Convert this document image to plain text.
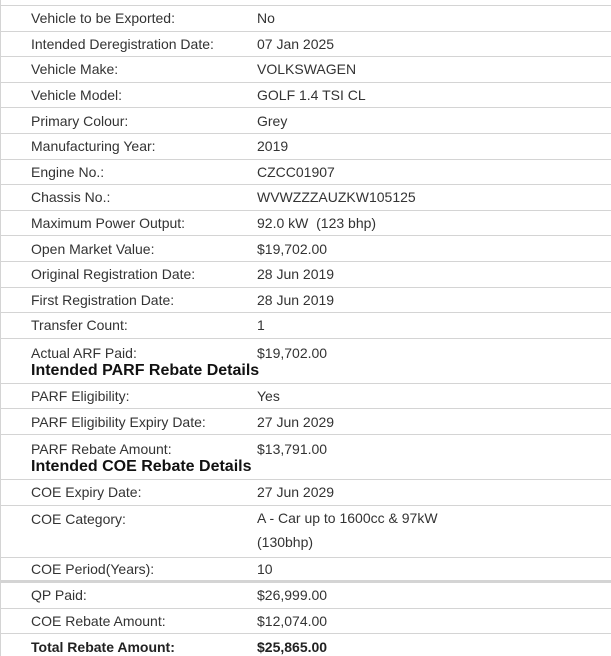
Vehicle to be Exported:	No
Intended Deregistration Date:	07 Jan 2025
Vehicle Make:	VOLKSWAGEN
Vehicle Model:	GOLF 1.4 TSI CL
Primary Colour:	Grey
Manufacturing Year:	2019
Engine No.:	CZCC01907
Chassis No.:	WVWZZZAUZKW105125
Maximum Power Output:	92.0 kW  (123 bhp)
Open Market Value:	$19,702.00
Original Registration Date:	28 Jun 2019
First Registration Date:	28 Jun 2019
Transfer Count:	1
Actual ARF Paid:	$19,702.00
Intended PARF Rebate Details
PARF Eligibility:	Yes
PARF Eligibility Expiry Date:	27 Jun 2029
PARF Rebate Amount:	$13,791.00
Intended COE Rebate Details
COE Expiry Date:	27 Jun 2029
COE Category:	A - Car up to 1600cc & 97kW (130bhp)
COE Period(Years):	10
QP Paid:	$26,999.00
COE Rebate Amount:	$12,074.00
Total Rebate Amount:	$25,865.00
